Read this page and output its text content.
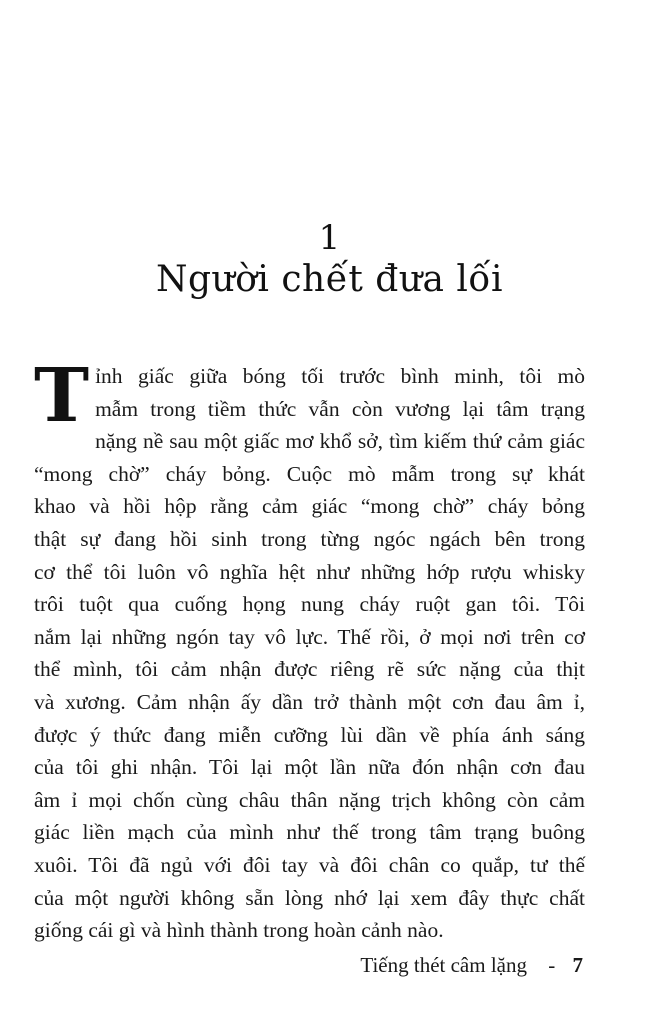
1
Người chết đưa lối
T ỉnh giấc giữa bóng tối trước bình minh, tôi mò
mẫm trong tiềm thức vẫn còn vương lại tâm trạng
nặng nề sau một giấc mơ khổ sở, tìm kiếm thứ cảm giác
“mong chờ” cháy bỏng. Cuộc mò mẫm trong sự khát
khao và hồi hộp rằng cảm giác “mong chờ” cháy bỏng
thật sự đang hồi sinh trong từng ngóc ngách bên trong
cơ thể tôi luôn vô nghĩa hệt như những hớp rượu whisky
trôi tuột qua cuống họng nung cháy ruột gan tôi. Tôi
nắm lại những ngón tay vô lực. Thế rồi, ở mọi nơi trên cơ
thể mình, tôi cảm nhận được riêng rẽ sức nặng của thịt
và xương. Cảm nhận ấy dần trở thành một cơn đau âm ỉ,
được ý thức đang miễn cưỡng lùi dần về phía ánh sáng
của tôi ghi nhận. Tôi lại một lần nữa đón nhận cơn đau
âm ỉ mọi chốn cùng châu thân nặng trịch không còn cảm
giác liền mạch của mình như thế trong tâm trạng buông
xuôi. Tôi đã ngủ với đôi tay và đôi chân co quắp, tư thế
của một người không sẵn lòng nhớ lại xem đây thực chất
giống cái gì và hình thành trong hoàn cảnh nào.
Tiếng thét câm lặng - 7
